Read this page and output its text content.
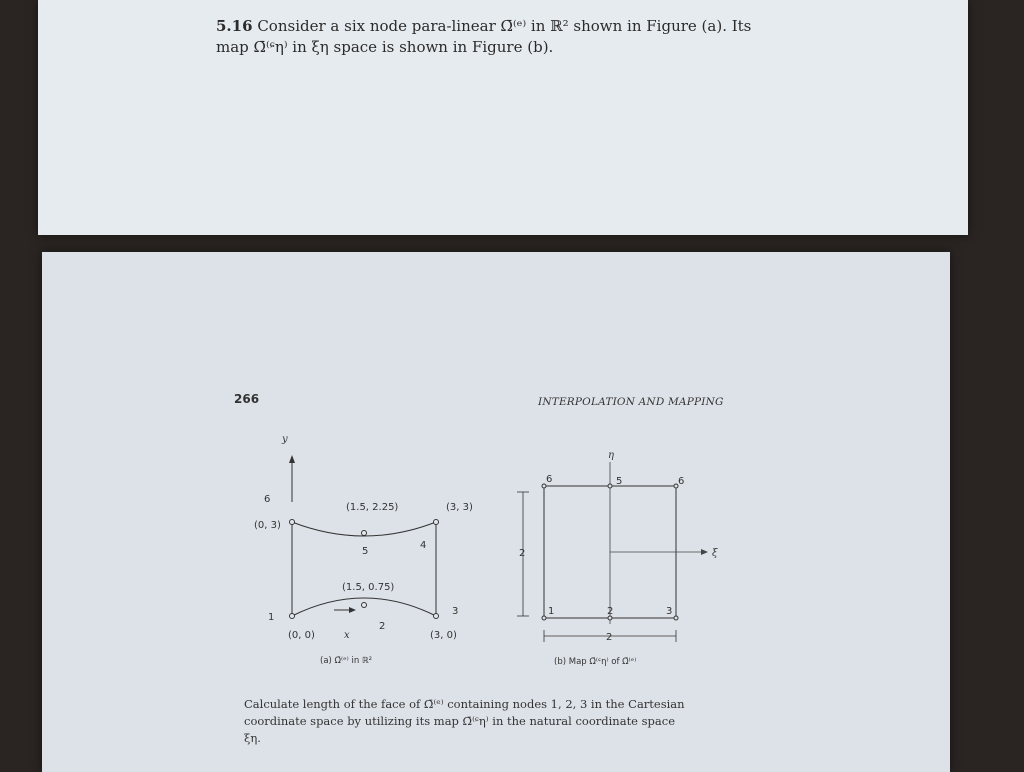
5.16 Consider a six node para-linear Ω̄⁽ᵉ⁾ in ℝ² shown in Figure (a). Its
map Ω̄⁽ᶝη⁾ in ξη space is shown in Figure (b).
266	INTERPOLATION AND MAPPING
y
x
1
2
3
4
5
6
(0, 0)	(3, 0)
(0, 3)
(3, 3)
(1.5, 0.75)
(1.5, 2.25)
(a) Ω̄⁽ᵉ⁾ in ℝ²
η
ξ
2
2
1	2	3
6
5
6
(b) Map Ω̄⁽ᶝη⁾ of Ω̄⁽ᵉ⁾
Calculate length of the face of Ω̄⁽ᵉ⁾ containing nodes 1, 2, 3 in the Cartesian
coordinate space by utilizing its map Ω̄⁽ᶝη⁾ in the natural coordinate space
ξη.
